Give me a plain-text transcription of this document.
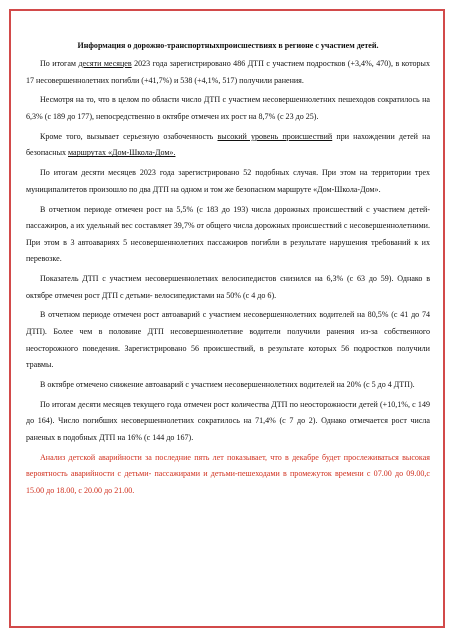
Информация о дорожно-транспортныхпроисшествиях в регионе с участием детей.
По итогам десяти месяцев 2023 года зарегистрировано 486 ДТП с участием подростков (+3,4%, 470), в которых 17 несовершеннолетних погибли (+41,7%) и 538 (+4,1%, 517) получили ранения.
Несмотря на то, что в целом по области число ДТП с участием несовершеннолетних пешеходов сократилось на 6,3% (с 189 до 177), непосредственно в октябре отмечен их рост на 8,7% (с 23 до 25).
Кроме того, вызывает серьезную озабоченность высокий уровень происшествий при нахождении детей на безопасных маршрутах «Дом-Школа-Дом».
По итогам десяти месяцев 2023 года зарегистрировано 52 подобных случая. При этом на территории трех муниципалитетов произошло по два ДТП на одном и том же безопасном маршруте «Дом-Школа-Дом».
В отчетном периоде отмечен рост на 5,5% (с 183 до 193) числа дорожных происшествий с участием детей-пассажиров, а их удельный вес составляет 39,7% от общего числа дорожных происшествий с несовершеннолетними. При этом в 3 автоавариях 5 несовершеннолетних пассажиров погибли в результате нарушения требований к их перевозке.
Показатель ДТП с участием несовершеннолетних велосипедистов снизился на 6,3% (с 63 до 59). Однако в октябре отмечен рост ДТП с детьми- велосипедистами на 50% (с 4 до 6).
В отчетном периоде отмечен рост автоаварий с участием несовершеннолетних водителей на 80,5% (с 41 до 74 ДТП). Более чем в половине ДТП несовершеннолетние водители получили ранения из-за собственного неосторожного поведения. Зарегистрировано 56 происшествий, в результате которых 56 подростков получили травмы.
В октябре отмечено снижение автоаварий с участием несовершеннолетних водителей на 20% (с 5 до 4 ДТП).
По итогам десяти месяцев текущего года отмечен рост количества ДТП по неосторожности детей (+10,1%, с 149 до 164). Число погибших несовершеннолетних сократилось на 71,4% (с 7 до 2). Однако отмечается рост числа раненых в подобных ДТП на 16% (с 144 до 167).
Анализ детской аварийности за последние пять лет показывает, что в декабре будет прослеживаться высокая вероятность аварийности с детьми- пассажирами и детьми-пешеходами в промежуток времени с 07.00 до 09.00,с 15.00 до 18.00, с 20.00 до 21.00.
